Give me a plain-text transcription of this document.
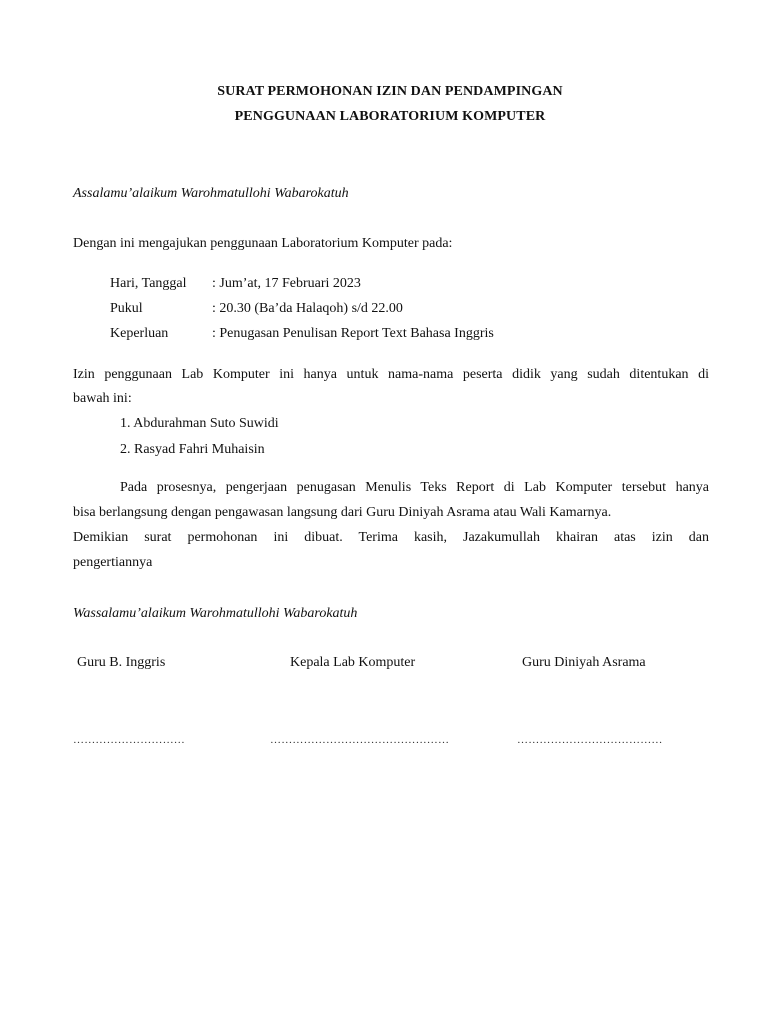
SURAT PERMOHONAN IZIN DAN PENDAMPINGAN
PENGGUNAAN LABORATORIUM KOMPUTER
Assalamu’alaikum Warohmatullohi Wabarokatuh
Dengan ini mengajukan penggunaan Laboratorium Komputer pada:
Hari, Tanggal : Jum’at, 17 Februari 2023
Pukul	: 20.30 (Ba’da Halaqoh) s/d 22.00
Keperluan	: Penugasan Penulisan Report Text Bahasa Inggris
Izin penggunaan Lab Komputer ini hanya untuk nama-nama peserta didik yang sudah ditentukan di
bawah ini:
1. Abdurahman Suto Suwidi
2. Rasyad Fahri Muhaisin
Pada prosesnya, pengerjaan penugasan Menulis Teks Report di Lab Komputer tersebut hanya
bisa berlangsung dengan pengawasan langsung dari Guru Diniyah Asrama atau Wali Kamarnya.
Demikian surat permohonan ini dibuat. Terima kasih, Jazakumullah khairan atas izin dan
pengertiannya
Wassalamu’alaikum Warohmatullohi Wabarokatuh
Guru B. Inggris	Kepala Lab Komputer	Guru Diniyah Asrama
…………………………	…………………………………………	…………………………………
